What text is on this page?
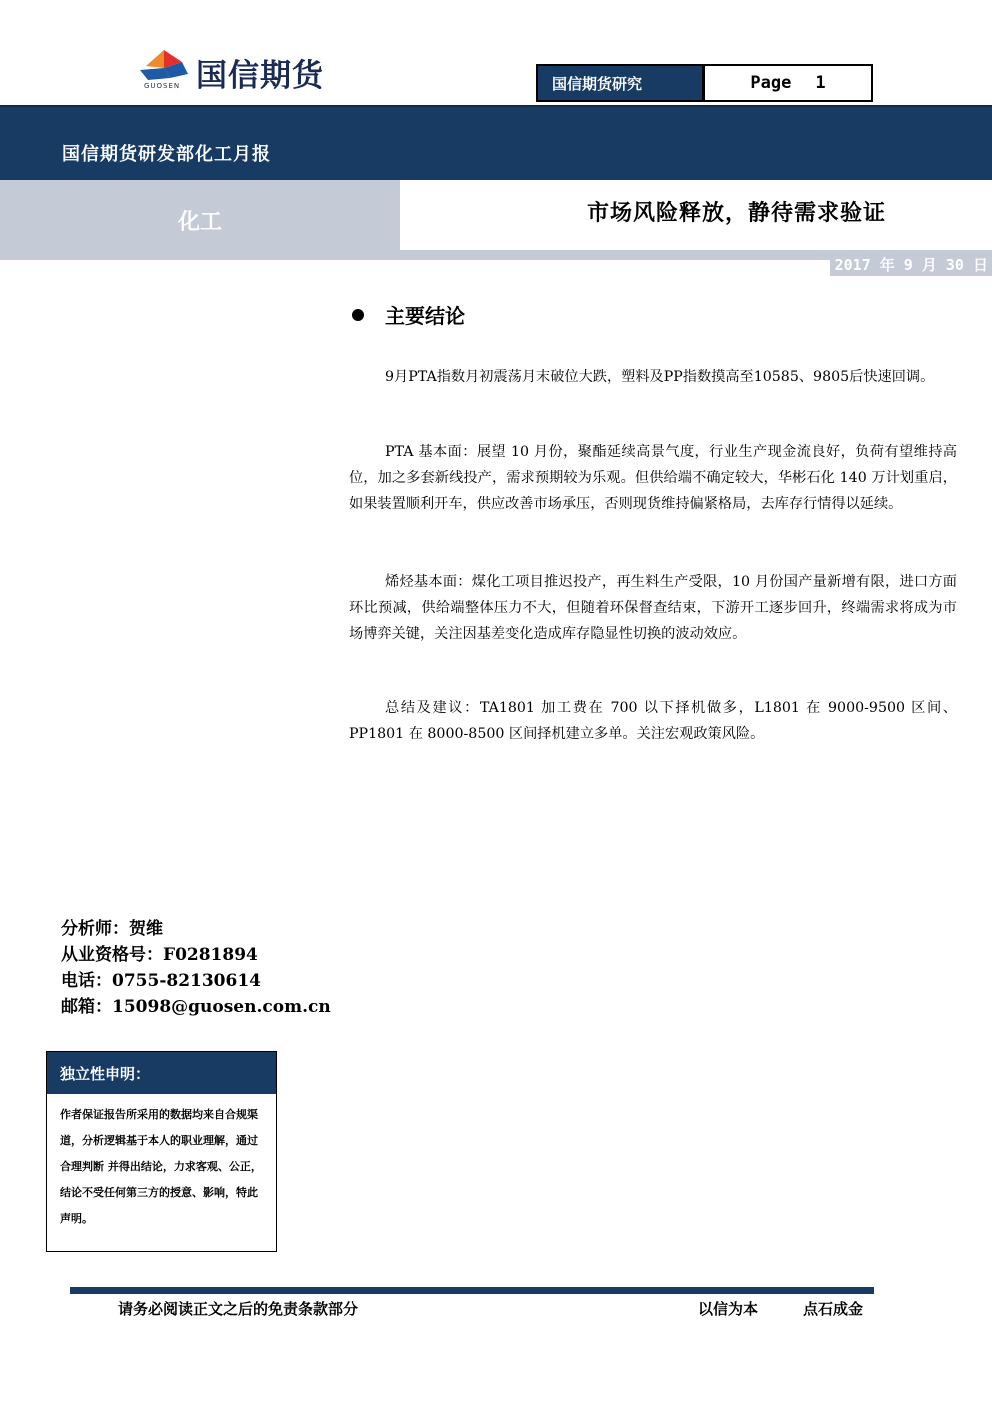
国信期货
GUOSEN	国信期货研究	Page 1
国信期货研发部化工月报
化工	市场风险释放，静待需求验证
2017 年 9 月 30 日
主要结论

9月PTA指数月初震荡月末破位大跌，塑料及PP指数摸高至10585、9805后快速回调。

PTA 基本面：展望 10 月份，聚酯延续高景气度，行业生产现金流良好，负荷有望维持高位，加之多套新线投产，需求预期较为乐观。但供给端不确定较大，华彬石化 140 万计划重启，如果装置顺利开车，供应改善市场承压，否则现货维持偏紧格局，去库存行情得以延续。

烯烃基本面：煤化工项目推迟投产，再生料生产受限，10 月份国产量新增有限，进口方面环比预减，供给端整体压力不大，但随着环保督查结束，下游开工逐步回升，终端需求将成为市场博弈关键，关注因基差变化造成库存隐显性切换的波动效应。

总结及建议：TA1801 加工费在 700 以下择机做多，L1801 在 9000-9500 区间、PP1801 在 8000-8500 区间择机建立多单。关注宏观政策风险。

分析师：贺维
从业资格号：F0281894
电话：0755-82130614
邮箱：15098@guosen.com.cn
独立性申明：
作者保证报告所采用的数据均来自合规渠道，分析逻辑基于本人的职业理解，通过合理判断 并得出结论，力求客观、公正，结论不受任何第三方的授意、影响，特此声明。
请务必阅读正文之后的免责条款部分	以信为本	点石成金
